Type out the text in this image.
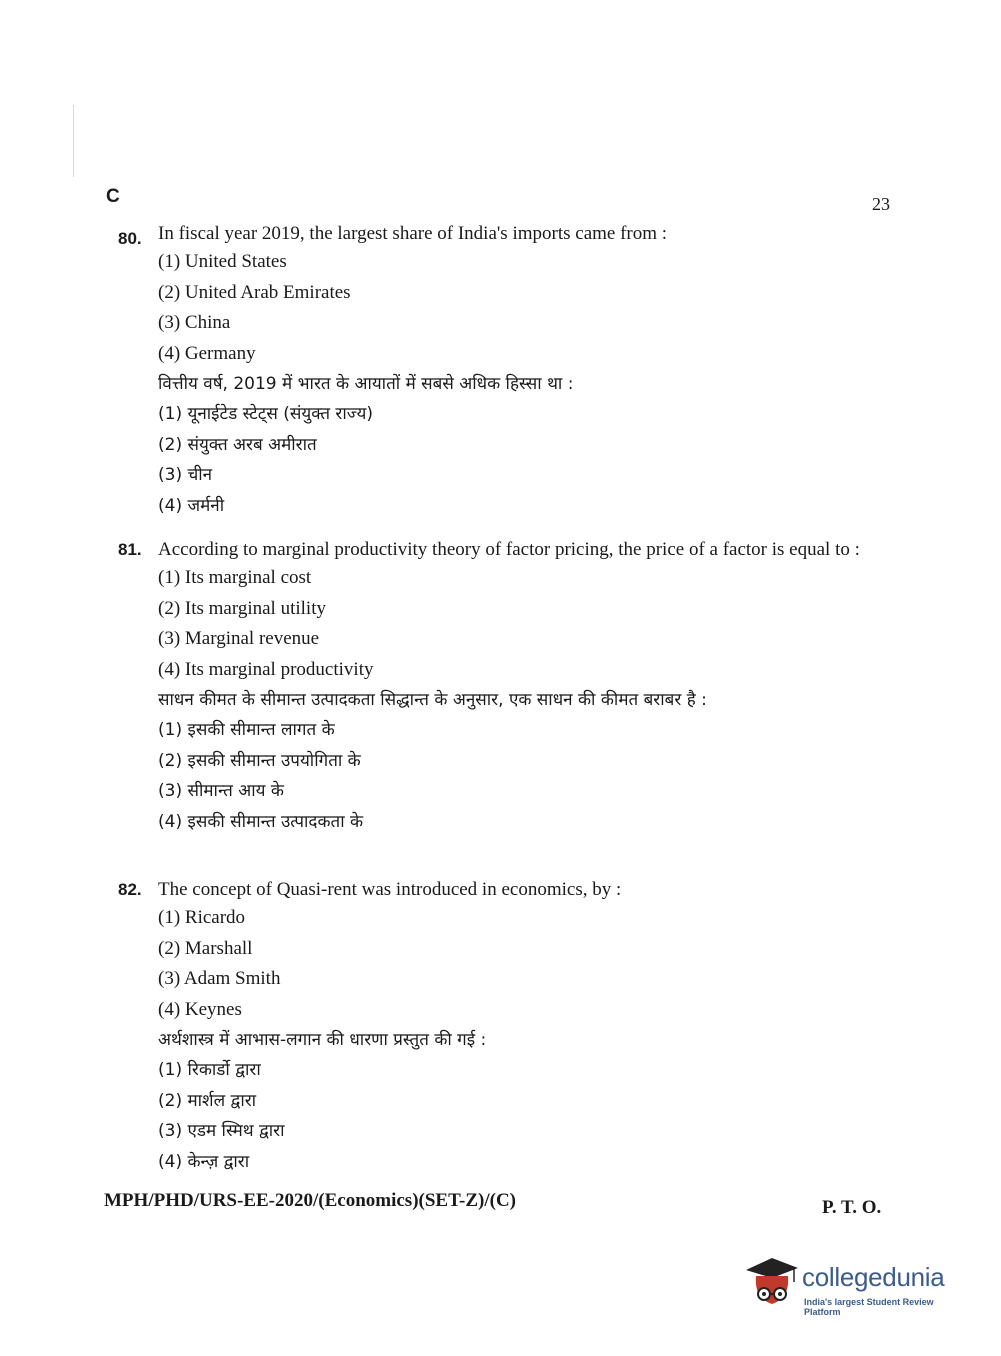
C	23
80. In fiscal year 2019, the largest share of India's imports came from :
(1) United States
(2) United Arab Emirates
(3) China
(4) Germany
वित्तीय वर्ष, 2019 में भारत के आयातों में सबसे अधिक हिस्सा था :
(1) यूनाईटेड स्टेट्स (संयुक्त राज्य)
(2) संयुक्त अरब अमीरात
(3) चीन
(4) जर्मनी
81. According to marginal productivity theory of factor pricing, the price of a factor is equal to :
(1) Its marginal cost
(2) Its marginal utility
(3) Marginal revenue
(4) Its marginal productivity
साधन कीमत के सीमान्त उत्पादकता सिद्धान्त के अनुसार, एक साधन की कीमत बराबर है :
(1) इसकी सीमान्त लागत के
(2) इसकी सीमान्त उपयोगिता के
(3) सीमान्त आय के
(4) इसकी सीमान्त उत्पादकता के
82. The concept of Quasi-rent was introduced in economics, by :
(1) Ricardo
(2) Marshall
(3) Adam Smith
(4) Keynes
अर्थशास्त्र में आभास-लगान की धारणा प्रस्तुत की गई :
(1) रिकार्डो द्वारा
(2) मार्शल द्वारा
(3) एडम स्मिथ द्वारा
(4) केन्ज़ द्वारा
MPH/PHD/URS-EE-2020/(Economics)(SET-Z)/(C)	P. T. O.
collegedunia
India's largest Student Review Platform
